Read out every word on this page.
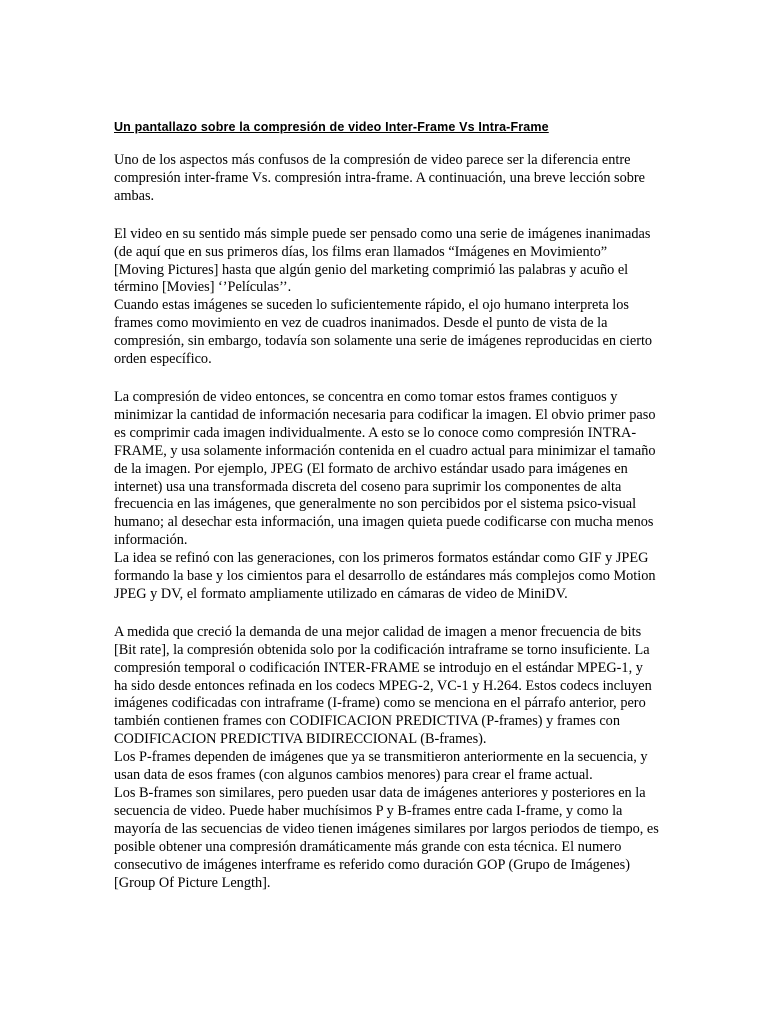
Un pantallazo sobre la compresión de video Inter-Frame Vs Intra-Frame

Uno de los aspectos más confusos de la compresión de video parece ser la diferencia entre compresión inter-frame Vs. compresión intra-frame. A continuación, una breve lección sobre ambas.

El video en su sentido más simple puede ser pensado como una serie de imágenes inanimadas (de aquí que en sus primeros días, los films eran llamados “Imágenes en Movimiento” [Moving Pictures] hasta que algún genio del marketing comprimió las palabras y acuño el término [Movies] ‘’Películas’’.

Cuando estas imágenes se suceden lo suficientemente rápido, el ojo humano interpreta los frames como movimiento en vez de cuadros inanimados. Desde el punto de vista de la compresión, sin embargo, todavía son solamente una serie de imágenes reproducidas en cierto orden específico.

La compresión de video entonces, se concentra en como tomar estos frames contiguos y minimizar la cantidad de información necesaria para codificar la imagen. El obvio primer paso es comprimir cada imagen individualmente. A esto se lo conoce como compresión INTRA-FRAME, y usa solamente información contenida en el cuadro actual para minimizar el tamaño de la imagen. Por ejemplo, JPEG (El formato de archivo estándar usado para imágenes en internet) usa una transformada discreta del coseno para suprimir los componentes de alta frecuencia en las imágenes, que generalmente no son percibidos por el sistema psico-visual humano; al desechar esta información, una imagen quieta puede codificarse con mucha menos información.

La idea se refinó con las generaciones, con los primeros formatos estándar como GIF y JPEG formando la base y los cimientos para el desarrollo de estándares más complejos como Motion JPEG y DV, el formato ampliamente utilizado en cámaras de video de MiniDV.

A medida que creció la demanda de una mejor calidad de imagen a menor frecuencia de bits [Bit rate], la compresión obtenida solo por la codificación intraframe se torno insuficiente. La compresión temporal o codificación INTER-FRAME se introdujo en el estándar MPEG-1, y ha sido desde entonces refinada en los codecs MPEG-2, VC-1 y H.264. Estos codecs incluyen imágenes codificadas con intraframe (I-frame) como se menciona en el párrafo anterior, pero también contienen frames con CODIFICACION PREDICTIVA (P-frames) y frames con CODIFICACION PREDICTIVA BIDIRECCIONAL (B-frames).

Los P-frames dependen de imágenes que ya se transmitieron anteriormente en la secuencia, y usan data de esos frames (con algunos cambios menores) para crear el frame actual.

Los B-frames son similares, pero pueden usar data de imágenes anteriores y posteriores en la secuencia de video. Puede haber muchísimos P y B-frames entre cada I-frame, y como la mayoría de las secuencias de video tienen imágenes similares por largos periodos de tiempo, es posible obtener una compresión dramáticamente más grande con esta técnica. El numero consecutivo de imágenes interframe es referido como duración GOP (Grupo de Imágenes) [Group Of Picture Length].
